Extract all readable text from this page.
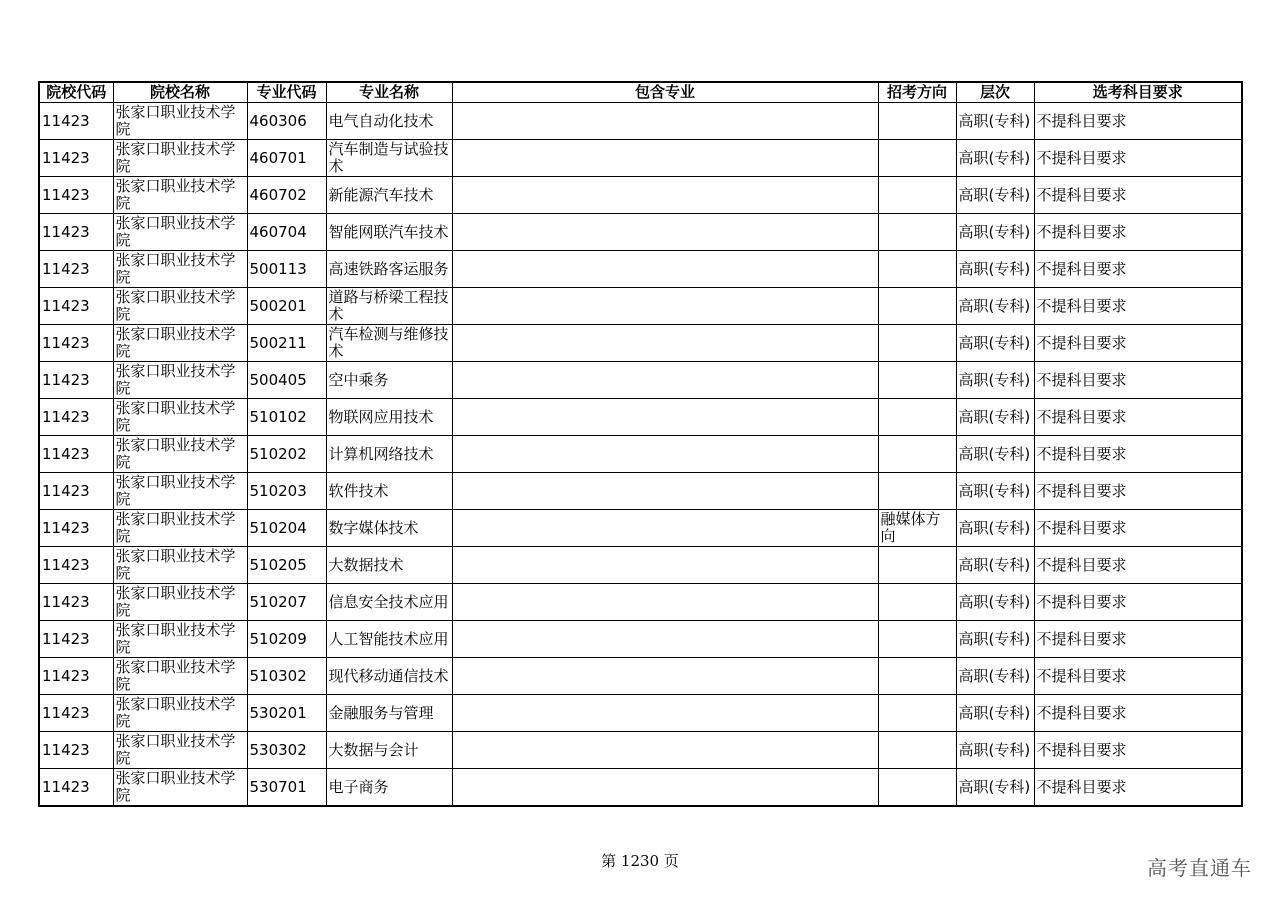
院校代码	院校名称	专业代码	专业名称	包含专业	招考方向	层次	选考科目要求
11423	张家口职业技术学院	460306	电气自动化技术			高职(专科)	不提科目要求
11423	张家口职业技术学院	460701	汽车制造与试验技术			高职(专科)	不提科目要求
11423	张家口职业技术学院	460702	新能源汽车技术			高职(专科)	不提科目要求
11423	张家口职业技术学院	460704	智能网联汽车技术			高职(专科)	不提科目要求
11423	张家口职业技术学院	500113	高速铁路客运服务			高职(专科)	不提科目要求
11423	张家口职业技术学院	500201	道路与桥梁工程技术			高职(专科)	不提科目要求
11423	张家口职业技术学院	500211	汽车检测与维修技术			高职(专科)	不提科目要求
11423	张家口职业技术学院	500405	空中乘务			高职(专科)	不提科目要求
11423	张家口职业技术学院	510102	物联网应用技术			高职(专科)	不提科目要求
11423	张家口职业技术学院	510202	计算机网络技术			高职(专科)	不提科目要求
11423	张家口职业技术学院	510203	软件技术			高职(专科)	不提科目要求
11423	张家口职业技术学院	510204	数字媒体技术		融媒体方向	高职(专科)	不提科目要求
11423	张家口职业技术学院	510205	大数据技术			高职(专科)	不提科目要求
11423	张家口职业技术学院	510207	信息安全技术应用			高职(专科)	不提科目要求
11423	张家口职业技术学院	510209	人工智能技术应用			高职(专科)	不提科目要求
11423	张家口职业技术学院	510302	现代移动通信技术			高职(专科)	不提科目要求
11423	张家口职业技术学院	530201	金融服务与管理			高职(专科)	不提科目要求
11423	张家口职业技术学院	530302	大数据与会计			高职(专科)	不提科目要求
11423	张家口职业技术学院	530701	电子商务			高职(专科)	不提科目要求
第 1230 页	高考直通车
